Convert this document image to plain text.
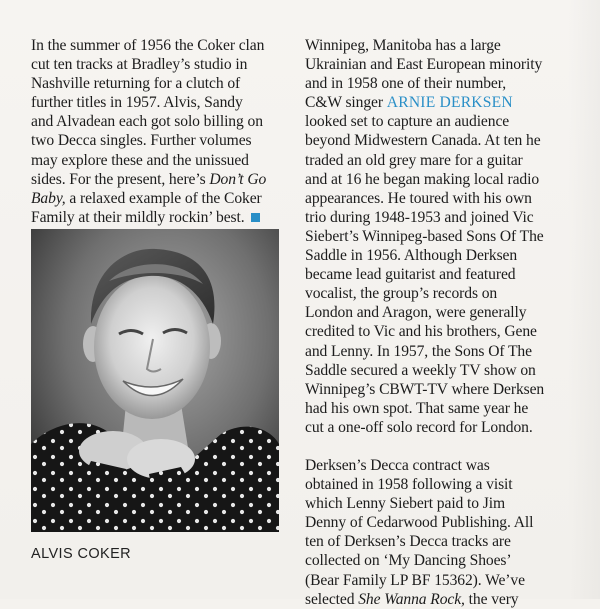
In the summer of 1956 the Coker clan
cut ten tracks at Bradley’s studio in
Nashville returning for a clutch of
further titles in 1957. Alvis, Sandy
and Alvadean each got solo billing on
two Decca singles. Further volumes
may explore these and the unissued
sides. For the present, here’s Don’t Go
Baby, a relaxed example of the Coker
Family at their mildly rockin’ best.
ALVIS COKER
Winnipeg, Manitoba has a large
Ukrainian and East European minority
and in 1958 one of their number,
C&W singer ARNIE DERKSEN
looked set to capture an audience
beyond Midwestern Canada. At ten he
traded an old grey mare for a guitar
and at 16 he began making local radio
appearances. He toured with his own
trio during 1948-1953 and joined Vic
Siebert’s Winnipeg-based Sons Of The
Saddle in 1956. Although Derksen
became lead guitarist and featured
vocalist, the group’s records on
London and Aragon, were generally
credited to Vic and his brothers, Gene
and Lenny. In 1957, the Sons Of The
Saddle secured a weekly TV show on
Winnipeg’s CBWT-TV where Derksen
had his own spot. That same year he
cut a one-off solo record for London.
Derksen’s Decca contract was
obtained in 1958 following a visit
which Lenny Siebert paid to Jim
Denny of Cedarwood Publishing. All
ten of Derksen’s Decca tracks are
collected on ‘My Dancing Shoes’
(Bear Family LP BF 15362). We’ve
selected She Wanna Rock, the very
